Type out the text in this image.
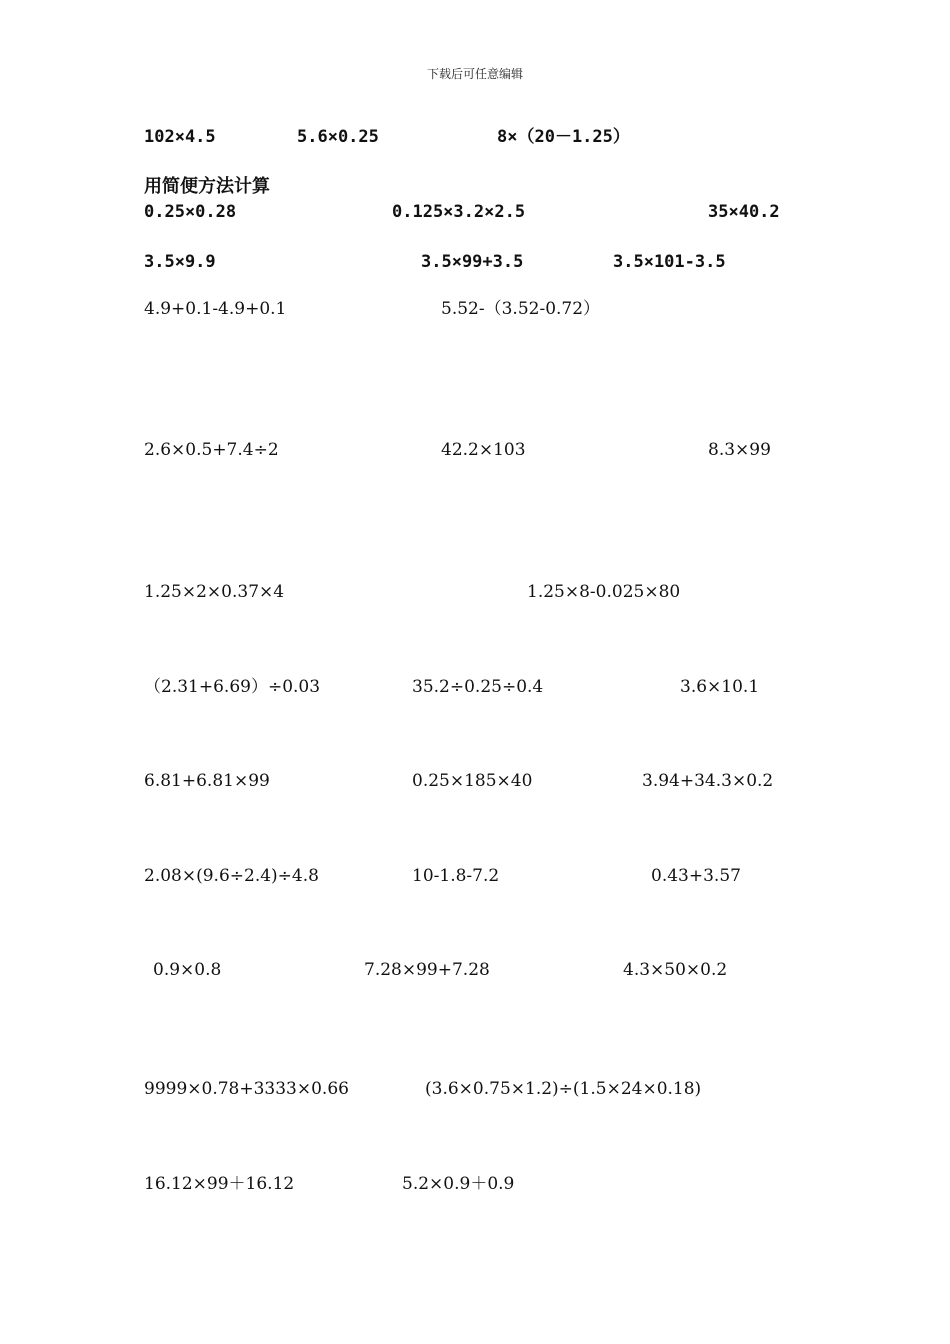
下载后可任意编辑
102×4.5	5.6×0.25	8×（20－1.25）
用简便方法计算
0.25×0.28	0.125×3.2×2.5	35×40.2
3.5×9.9	3.5×99+3.5	3.5×101-3.5
4.9+0.1-4.9+0.1	5.52-（3.52-0.72）
2.6×0.5+7.4÷2	42.2×103	8.3×99
1.25×2×0.37×4	1.25×8-0.025×80
（2.31+6.69）÷0.03	35.2÷0.25÷0.4	3.6×10.1
6.81+6.81×99	0.25×185×40	3.94+34.3×0.2
2.08×(9.6÷2.4)÷4.8	10-1.8-7.2	0.43+3.57
0.9×0.8	7.28×99+7.28	4.3×50×0.2
9999×0.78+3333×0.66	(3.6×0.75×1.2)÷(1.5×24×0.18)
16.12×99＋16.12	5.2×0.9＋0.9
